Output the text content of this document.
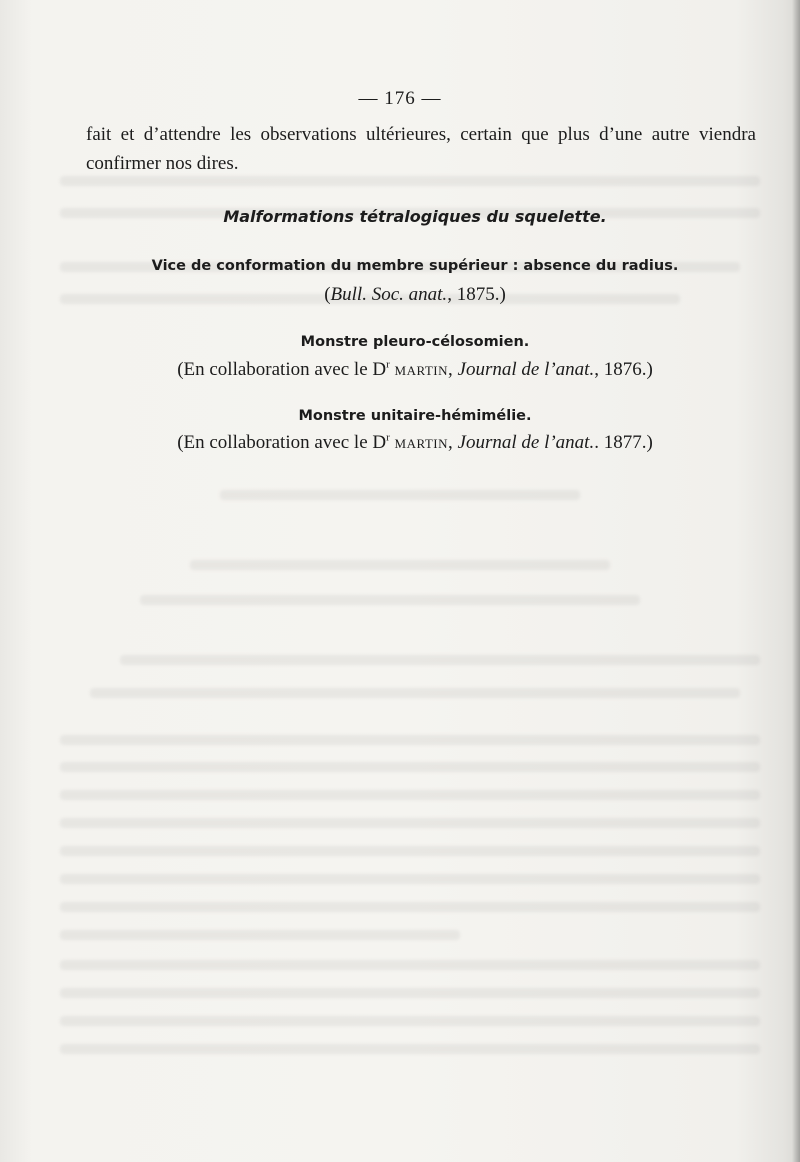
— 176 —

fait et d’attendre les observations ultérieures, certain que plus d’une autre viendra
confirmer nos dires.

Malformations tétralogiques du squelette.
Vice de conformation du membre supérieur : absence du radius.
(Bull. Soc. anat., 1875.)
Monstre pleuro-célosomien.
(En collaboration avec le $D^r$ MARTIN, Journal de l’anat., 1876.)
Monstre unitaire-hémimélie.
(En collaboration avec le $D^r$ MARTIN, Journal de l’anat.. 1877.)
